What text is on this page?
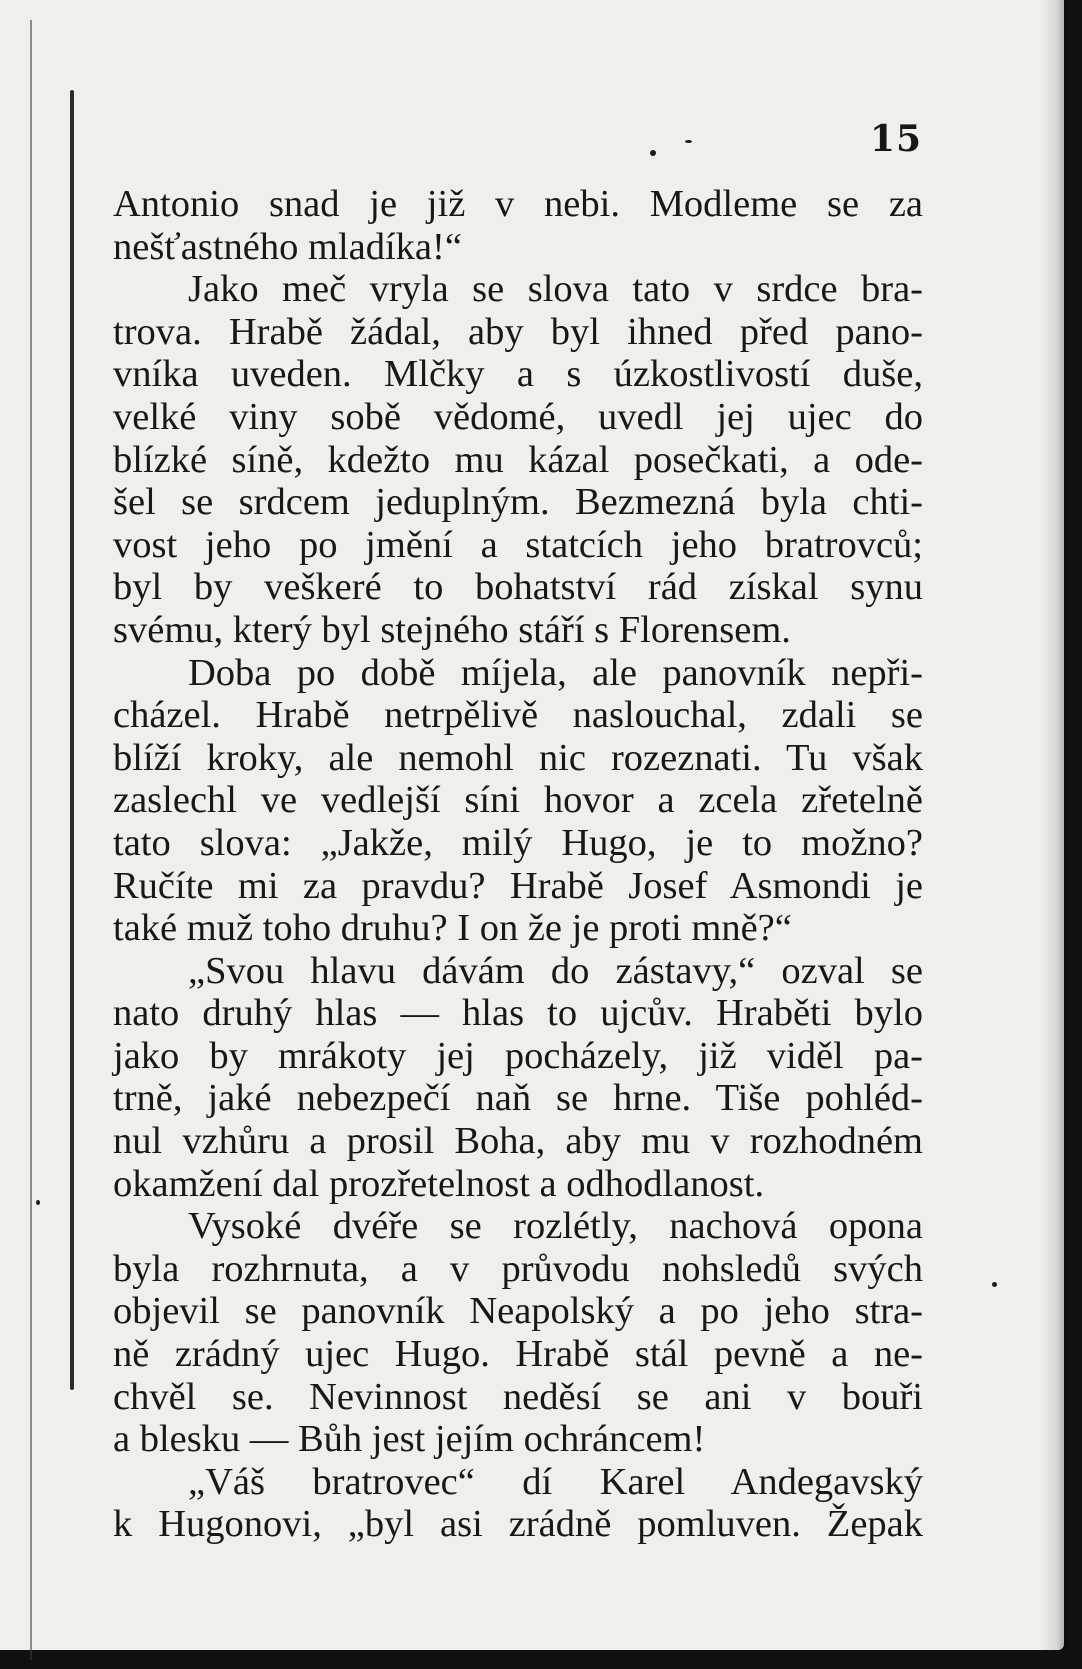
15
Antonio snad je již v nebi. Modleme se za
nešťastného mladíka!“
Jako meč vryla se slova tato v srdce bra-
trova. Hrabě žádal, aby byl ihned před pano-
vníka uveden. Mlčky a s úzkostlivostí duše,
velké viny sobě vědomé, uvedl jej ujec do
blízké síně, kdežto mu kázal posečkati, a ode-
šel se srdcem jeduplným. Bezmezná byla chti-
vost jeho po jmění a statcích jeho bratrovců;
byl by veškeré to bohatství rád získal synu
svému, který byl stejného stáří s Florensem.
Doba po době míjela, ale panovník nepři-
cházel. Hrabě netrpělivě naslouchal, zdali se
blíží kroky, ale nemohl nic rozeznati. Tu však
zaslechl ve vedlejší síni hovor a zcela zřetelně
tato slova: „Jakže, milý Hugo, je to možno?
Ručíte mi za pravdu? Hrabě Josef Asmondi je
také muž toho druhu? I on že je proti mně?“
„Svou hlavu dávám do zástavy,“ ozval se
nato druhý hlas — hlas to ujcův. Hraběti bylo
jako by mrákoty jej pocházely, již viděl pa-
trně, jaké nebezpečí naň se hrne. Tiše pohléd-
nul vzhůru a prosil Boha, aby mu v rozhodném
okamžení dal prozřetelnost a odhodlanost.
Vysoké dvéře se rozlétly, nachová opona
byla rozhrnuta, a v průvodu nohsledů svých
objevil se panovník Neapolský a po jeho stra-
ně zrádný ujec Hugo. Hrabě stál pevně a ne-
chvěl se. Nevinnost neděsí se ani v bouři
a blesku — Bůh jest jejím ochráncem!
„Váš bratrovec“ dí Karel Andegavský
k Hugonovi, „byl asi zrádně pomluven. Žepak
